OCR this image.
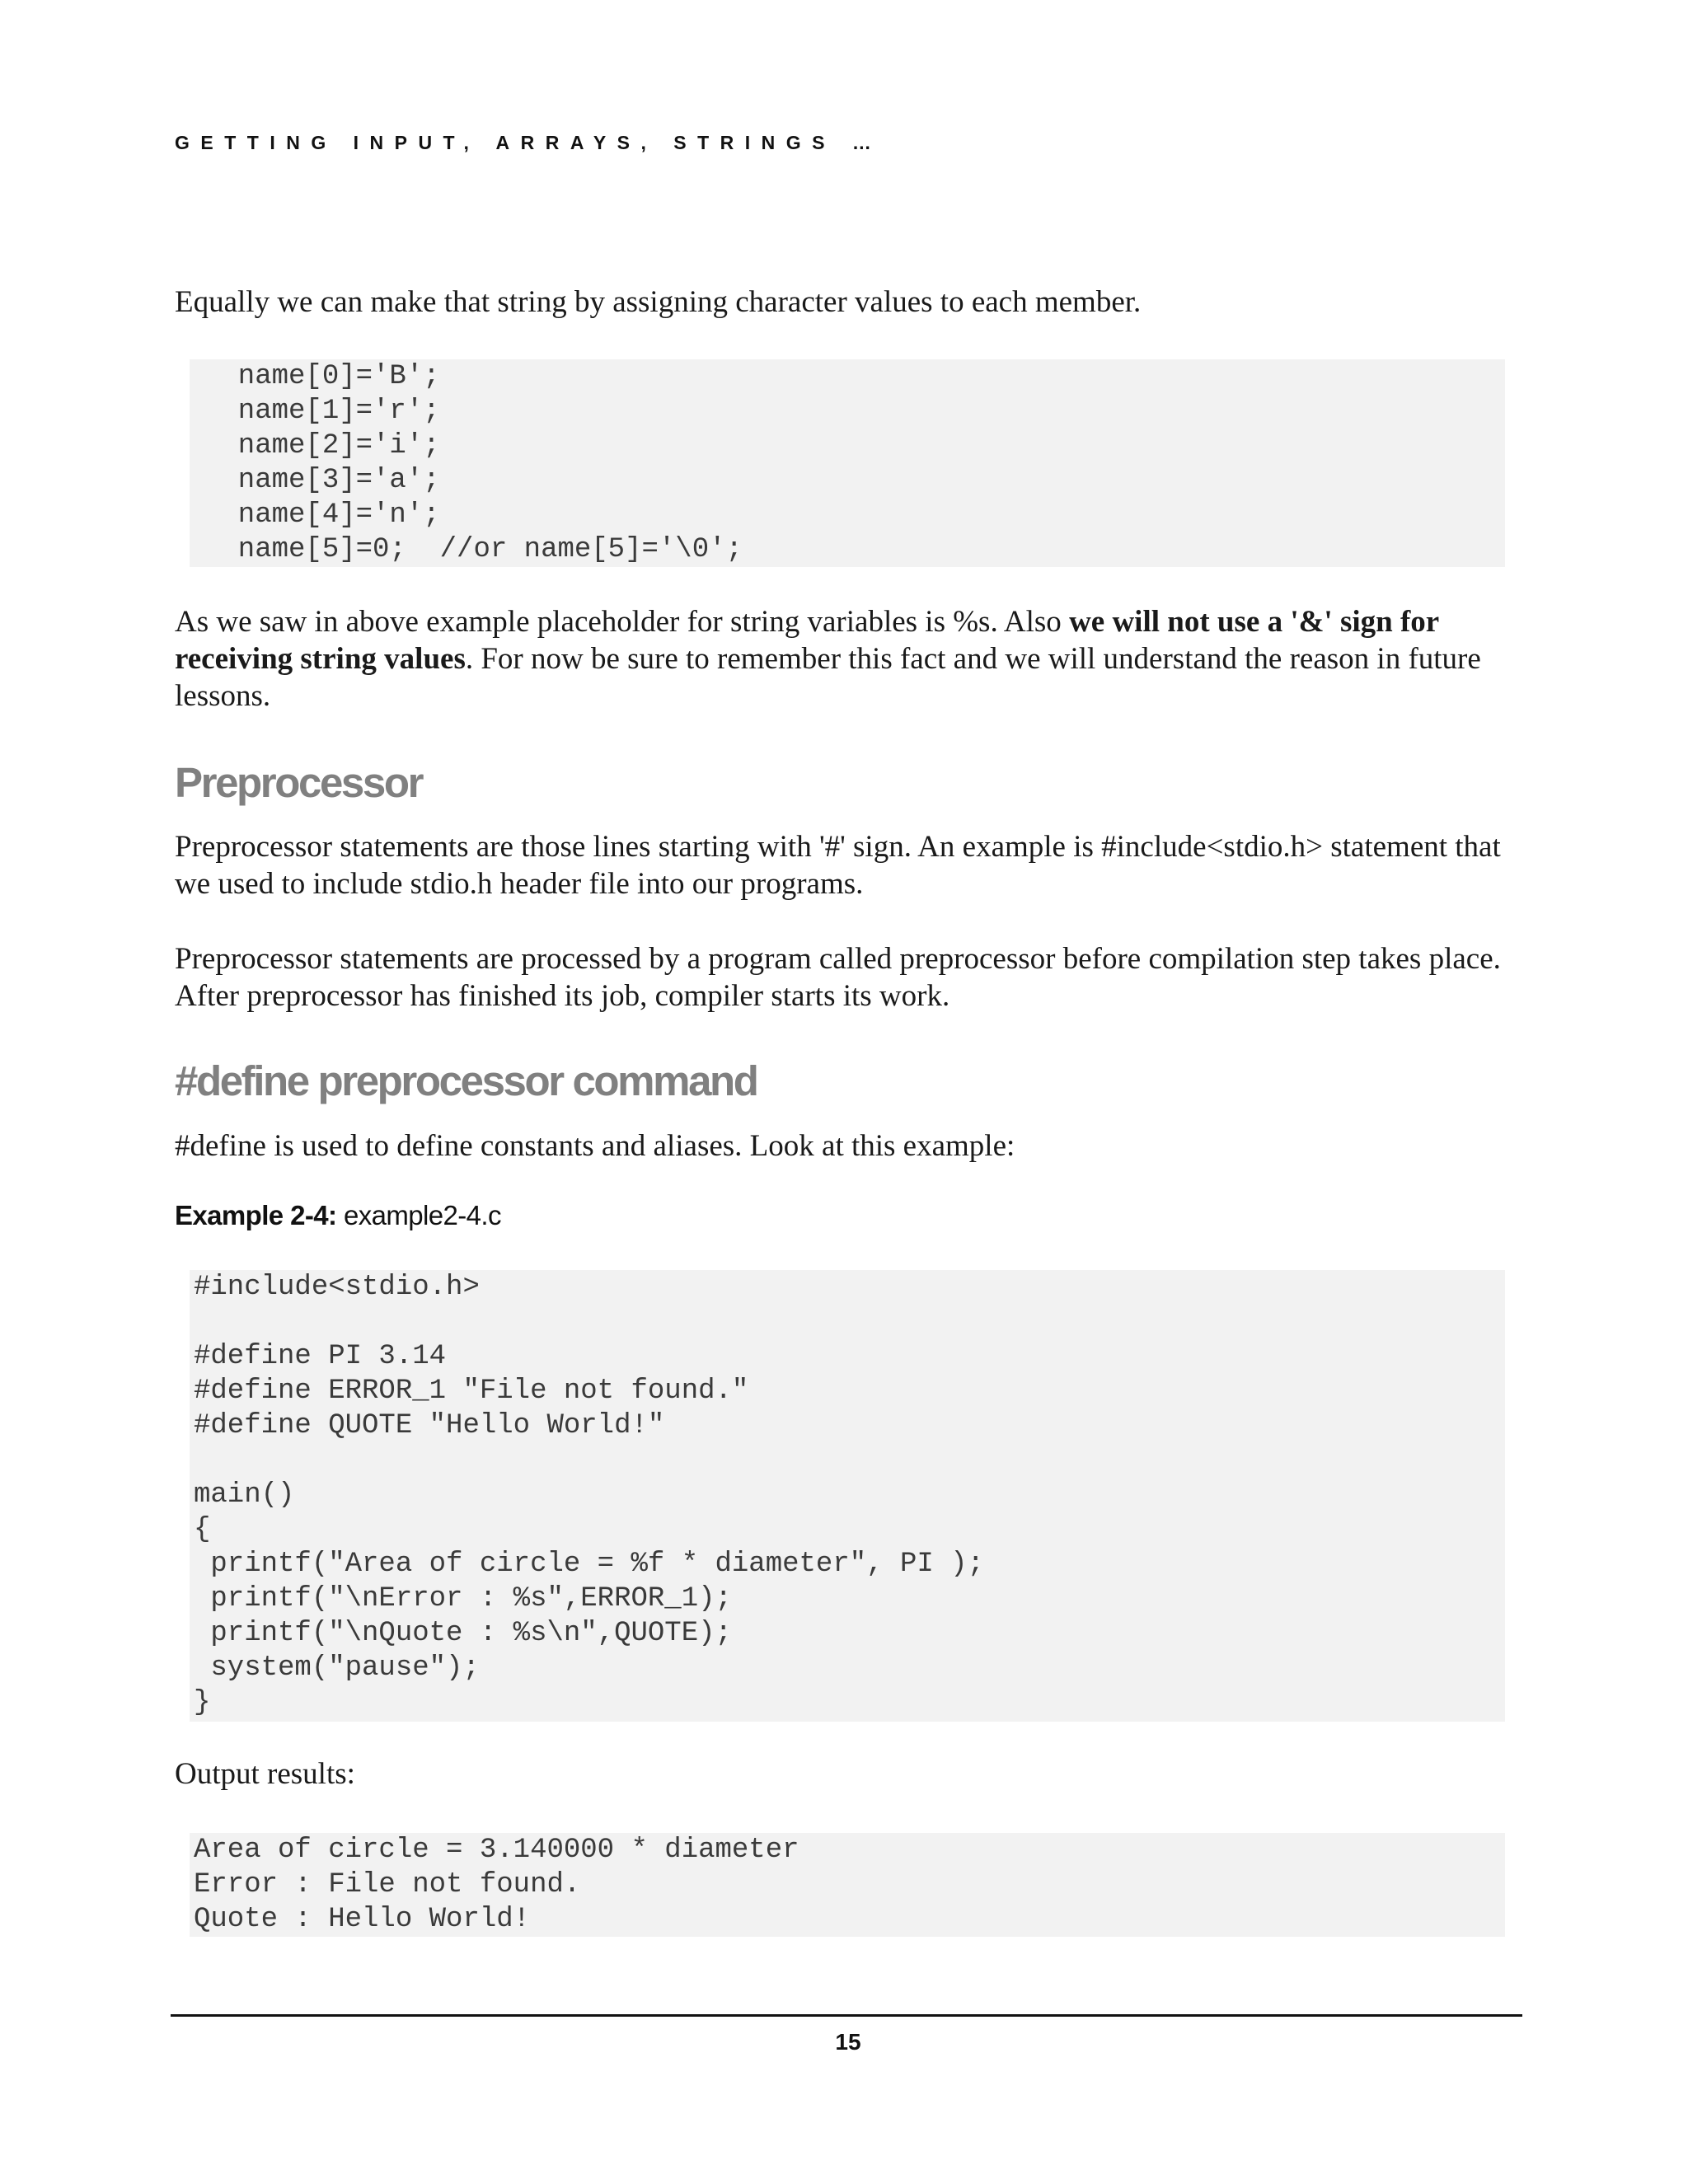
GETTING INPUT, ARRAYS, STRINGS …

Equally we can make that string by assigning character values to each member.

name[0]='B';
name[1]='r';
name[2]='i';
name[3]='a';
name[4]='n';
name[5]=0;  //or name[5]='\0';

As we saw in above example placeholder for string variables is %s. Also we will not use a '&' sign for receiving string values. For now be sure to remember this fact and we will understand the reason in future lessons.

Preprocessor

Preprocessor statements are those lines starting with '#' sign. An example is #include<stdio.h> statement that we used to include stdio.h header file into our programs.

Preprocessor statements are processed by a program called preprocessor before compilation step takes place. After preprocessor has finished its job, compiler starts its work.

#define preprocessor command

#define is used to define constants and aliases. Look at this example:

Example 2-4: example2-4.c
#include<stdio.h>
#define PI 3.14
#define ERROR_1 "File not found."
#define QUOTE "Hello World!"
main()
{
printf("Area of circle = %f * diameter", PI );
printf("\nError : %s",ERROR_1);
printf("\nQuote : %s\n",QUOTE);
system("pause");
}

Output results:

Area of circle = 3.140000 * diameter
Error : File not found.
Quote : Hello World!
15
